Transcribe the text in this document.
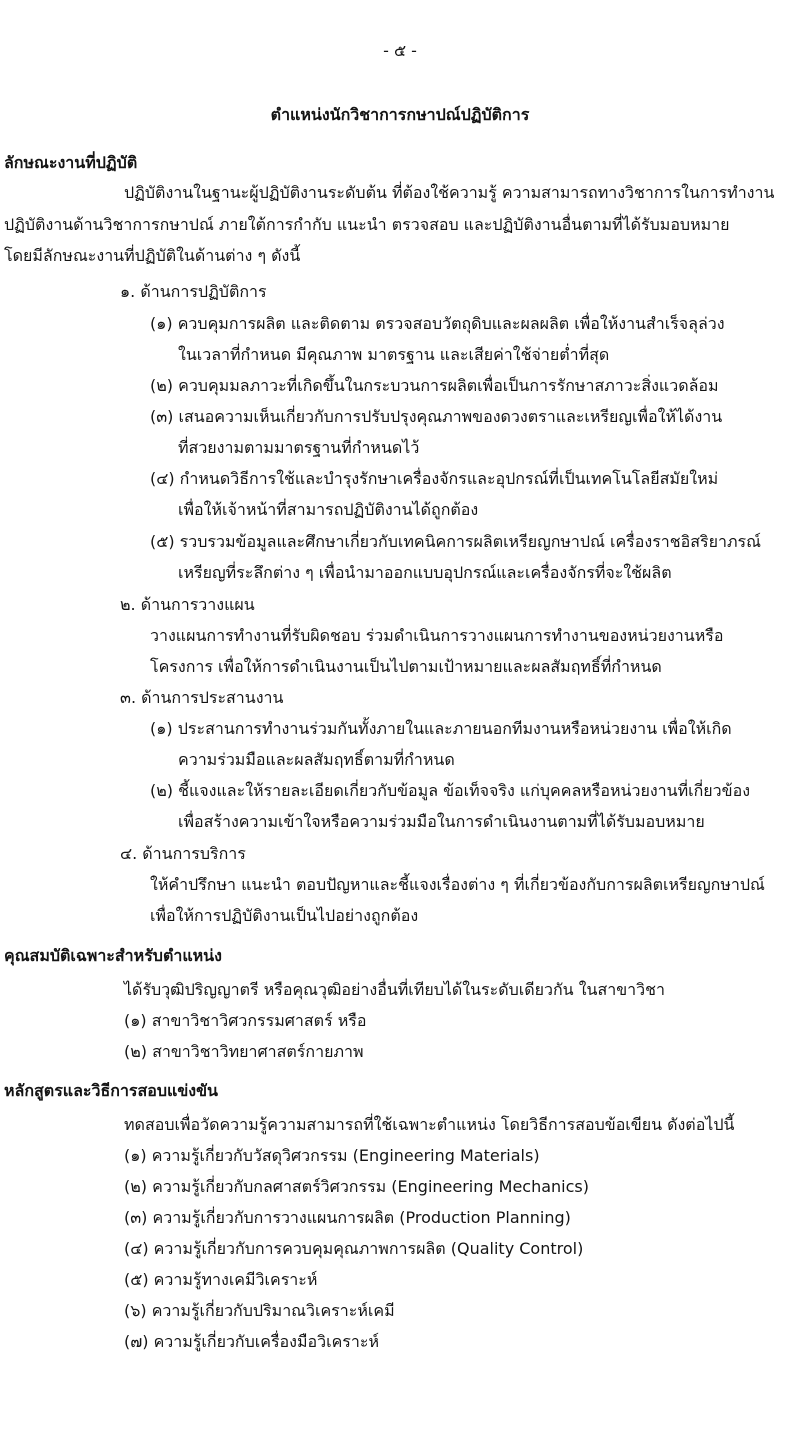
- ๕ -
ตำแหน่งนักวิชาการกษาปณ์ปฏิบัติการ
ลักษณะงานที่ปฏิบัติ
ปฏิบัติงานในฐานะผู้ปฏิบัติงานระดับต้น ที่ต้องใช้ความรู้ ความสามารถทางวิชาการในการทำงาน
ปฏิบัติงานด้านวิชาการกษาปณ์ ภายใต้การกำกับ แนะนำ ตรวจสอบ และปฏิบัติงานอื่นตามที่ได้รับมอบหมาย
โดยมีลักษณะงานที่ปฏิบัติในด้านต่าง ๆ ดังนี้
๑. ด้านการปฏิบัติการ
(๑) ควบคุมการผลิต และติดตาม ตรวจสอบวัตถุดิบและผลผลิต เพื่อให้งานสำเร็จลุล่วง
ในเวลาที่กำหนด มีคุณภาพ มาตรฐาน และเสียค่าใช้จ่ายต่ำที่สุด
(๒) ควบคุมมลภาวะที่เกิดขึ้นในกระบวนการผลิตเพื่อเป็นการรักษาสภาวะสิ่งแวดล้อม
(๓) เสนอความเห็นเกี่ยวกับการปรับปรุงคุณภาพของดวงตราและเหรียญเพื่อให้ได้งาน
ที่สวยงามตามมาตรฐานที่กำหนดไว้
(๔) กำหนดวิธีการใช้และบำรุงรักษาเครื่องจักรและอุปกรณ์ที่เป็นเทคโนโลยีสมัยใหม่
เพื่อให้เจ้าหน้าที่สามารถปฏิบัติงานได้ถูกต้อง
(๕) รวบรวมข้อมูลและศึกษาเกี่ยวกับเทคนิคการผลิตเหรียญกษาปณ์ เครื่องราชอิสริยาภรณ์
เหรียญที่ระลึกต่าง ๆ เพื่อนำมาออกแบบอุปกรณ์และเครื่องจักรที่จะใช้ผลิต
๒. ด้านการวางแผน
วางแผนการทำงานที่รับผิดชอบ ร่วมดำเนินการวางแผนการทำงานของหน่วยงานหรือ
โครงการ เพื่อให้การดำเนินงานเป็นไปตามเป้าหมายและผลสัมฤทธิ์ที่กำหนด
๓. ด้านการประสานงาน
(๑) ประสานการทำงานร่วมกันทั้งภายในและภายนอกทีมงานหรือหน่วยงาน เพื่อให้เกิด
ความร่วมมือและผลสัมฤทธิ์ตามที่กำหนด
(๒) ชี้แจงและให้รายละเอียดเกี่ยวกับข้อมูล ข้อเท็จจริง แก่บุคคลหรือหน่วยงานที่เกี่ยวข้อง
เพื่อสร้างความเข้าใจหรือความร่วมมือในการดำเนินงานตามที่ได้รับมอบหมาย
๔. ด้านการบริการ
ให้คำปรึกษา แนะนำ ตอบปัญหาและชี้แจงเรื่องต่าง ๆ ที่เกี่ยวข้องกับการผลิตเหรียญกษาปณ์
เพื่อให้การปฏิบัติงานเป็นไปอย่างถูกต้อง
คุณสมบัติเฉพาะสำหรับตำแหน่ง
ได้รับวุฒิปริญญาตรี หรือคุณวุฒิอย่างอื่นที่เทียบได้ในระดับเดียวกัน ในสาขาวิชา
(๑) สาขาวิชาวิศวกรรมศาสตร์ หรือ
(๒) สาขาวิชาวิทยาศาสตร์กายภาพ
หลักสูตรและวิธีการสอบแข่งขัน
ทดสอบเพื่อวัดความรู้ความสามารถที่ใช้เฉพาะตำแหน่ง โดยวิธีการสอบข้อเขียน ดังต่อไปนี้
(๑) ความรู้เกี่ยวกับวัสดุวิศวกรรม (Engineering Materials)
(๒) ความรู้เกี่ยวกับกลศาสตร์วิศวกรรม (Engineering Mechanics)
(๓) ความรู้เกี่ยวกับการวางแผนการผลิต (Production Planning)
(๔) ความรู้เกี่ยวกับการควบคุมคุณภาพการผลิต (Quality Control)
(๕) ความรู้ทางเคมีวิเคราะห์
(๖) ความรู้เกี่ยวกับปริมาณวิเคราะห์เคมี
(๗) ความรู้เกี่ยวกับเครื่องมือวิเคราะห์
